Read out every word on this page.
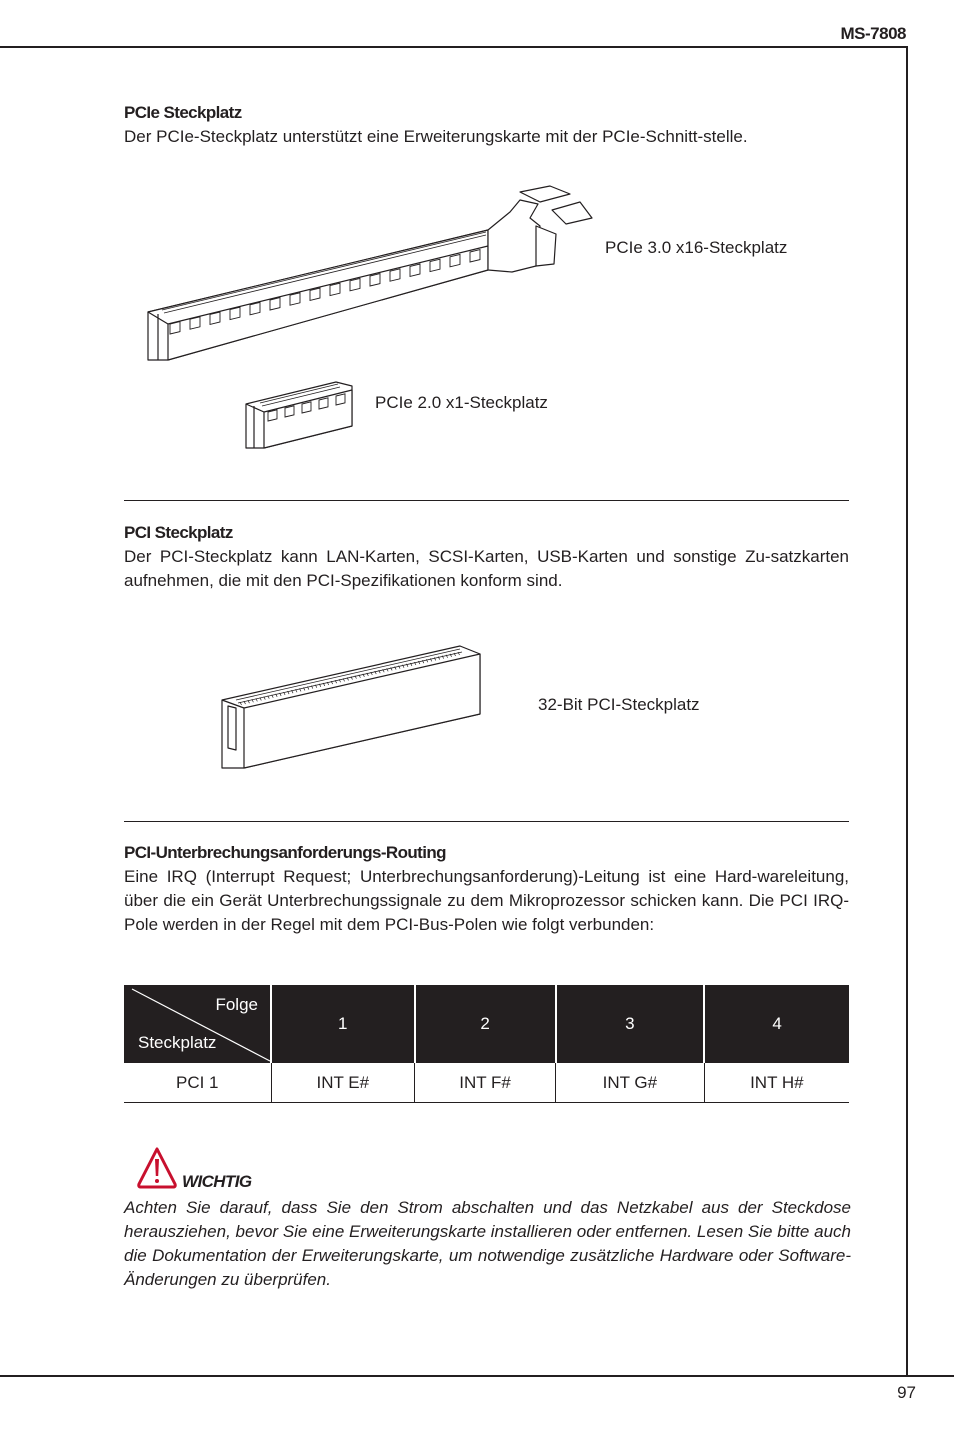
MS-7808
97
PCIe Steckplatz

Der PCIe-Steckplatz unterstützt eine Erweiterungskarte mit der PCIe-Schnitt-stelle.

PCIe 3.0 x16-Steckplatz
PCIe 2.0 x1-Steckplatz
PCI Steckplatz

Der PCI-Steckplatz kann LAN-Karten, SCSI-Karten, USB-Karten und sonstige Zu-satzkarten aufnehmen, die mit den PCI-Spezifikationen konform sind.

32-Bit PCI-Steckplatz
PCI-Unterbrechungsanforderungs-Routing

Eine IRQ (Interrupt Request; Unterbrechungsanforderung)-Leitung ist eine Hard-wareleitung, über die ein Gerät Unterbrechungssignale zu dem Mikroprozessor schicken kann. Die PCI IRQ-Pole werden in der Regel mit dem PCI-Bus-Polen wie folgt verbunden:

Folge
Steckplatz	1	2	3	4
PCI 1	INT E#	INT F#	INT G#	INT H#
WICHTIG

Achten Sie darauf, dass Sie den Strom abschalten und das Netzkabel aus der Steckdose herausziehen, bevor Sie eine Erweiterungskarte installieren oder entfernen. Lesen Sie bitte auch die Dokumentation der Erweiterungskarte, um notwendige zusätzliche Hardware oder Software-Änderungen zu überprüfen.
